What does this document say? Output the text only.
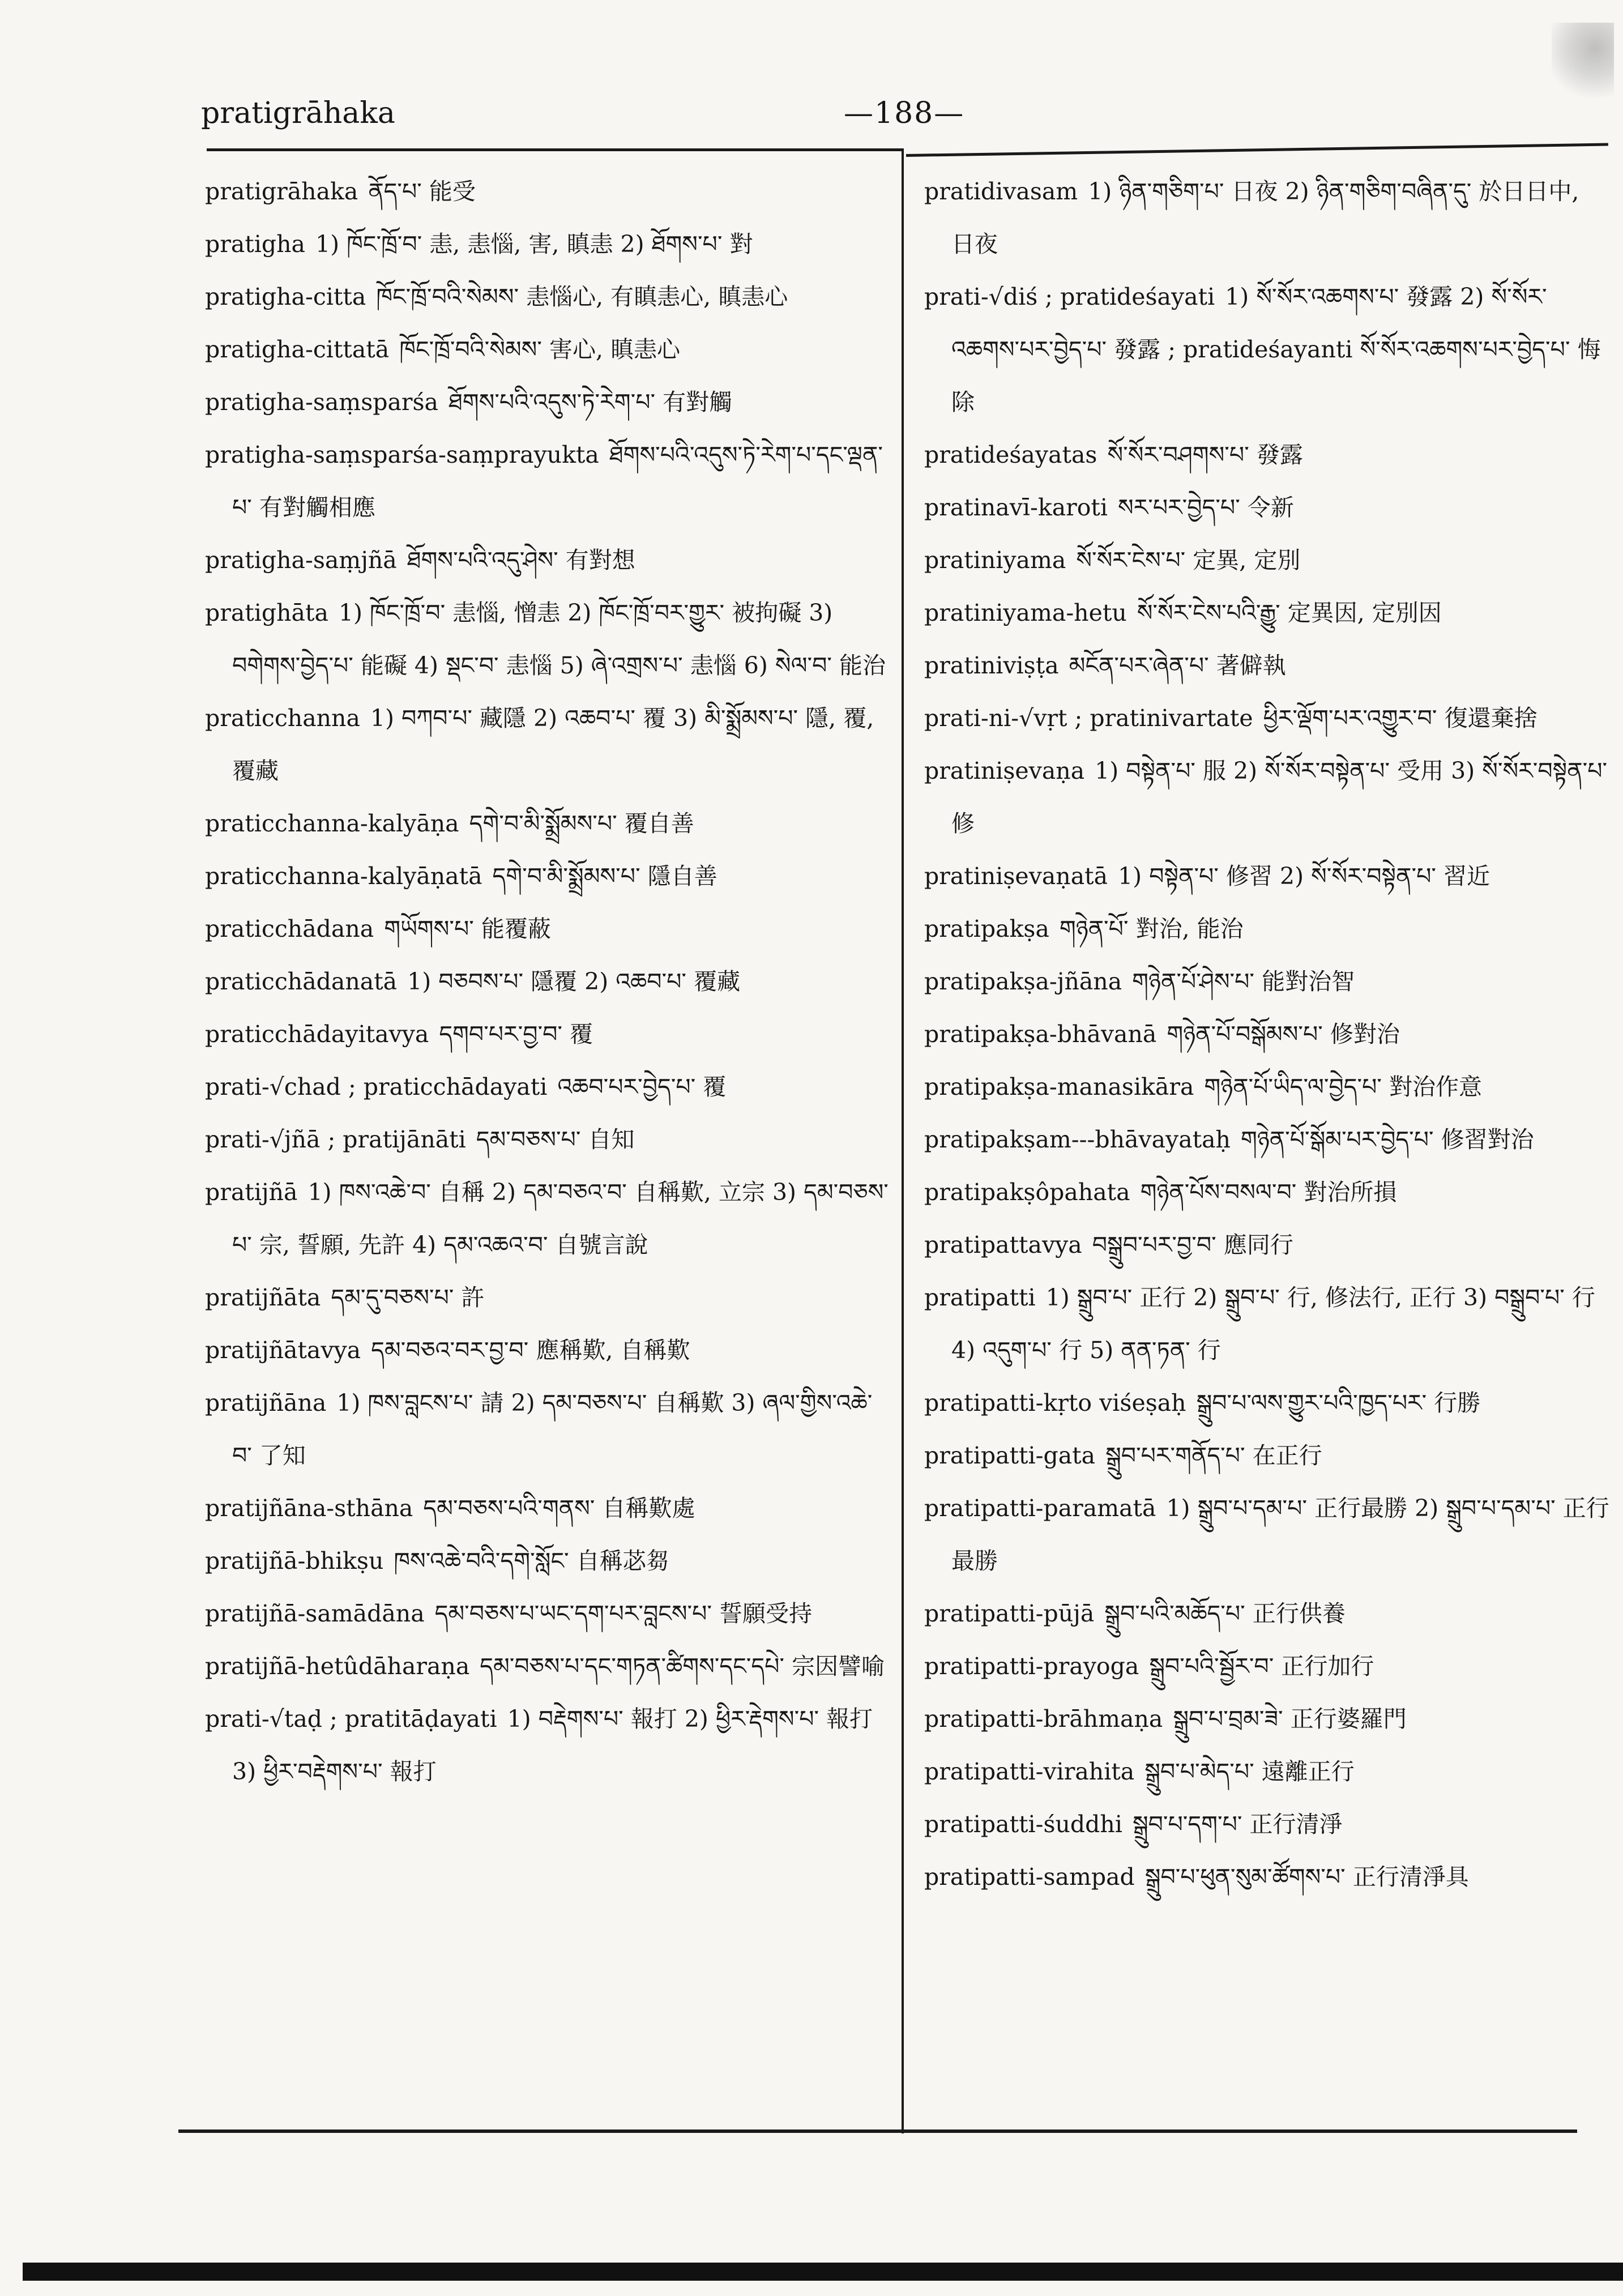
pratigrāhaka	—188—
pratigrāhaka ནོད་པ་ 能受
pratigha 1) ཁོང་ཁྲོ་བ་ 恚, 恚惱, 害, 瞋恚 2) ཐོགས་པ་ 對
pratigha-citta ཁོང་ཁྲོ་བའི་སེམས་ 恚惱心, 有瞋恚心, 瞋恚心
pratigha-cittatā ཁོང་ཁྲོ་བའི་སེམས་ 害心, 瞋恚心
pratigha-saṃsparśa ཐོགས་པའི་འདུས་ཏེ་རེག་པ་ 有對觸
pratigha-saṃsparśa-saṃprayukta ཐོགས་པའི་འདུས་ཏེ་རེག་པ་དང་ལྡན་པ་ 有對觸相應
pratigha-saṃjñā ཐོགས་པའི་འདུ་ཤེས་ 有對想
pratighāta 1) ཁོང་ཁྲོ་བ་ 恚惱, 憎恚 2) ཁོང་ཁྲོ་བར་གྱུར་ 被拘礙 3) བགེགས་བྱེད་པ་ 能礙 4) སྡང་བ་ 恚惱 5) ཞེ་འགྲས་པ་ 恚惱 6) སེལ་བ་ 能治
praticchanna 1) བཀབ་པ་ 藏隱 2) འཆབ་པ་ 覆 3) མི་སྨྲོམས་པ་ 隱, 覆, 覆藏
praticchanna-kalyāṇa དགེ་བ་མི་སྨྲོམས་པ་ 覆自善
praticchanna-kalyāṇatā དགེ་བ་མི་སྨྲོམས་པ་ 隱自善
praticchādana གཡོགས་པ་ 能覆蔽
praticchādanatā 1) བཅབས་པ་ 隱覆 2) འཆབ་པ་ 覆藏
praticchādayitavya དགབ་པར་བྱ་བ་ 覆
prati-√chad ; praticchādayati འཆབ་པར་བྱེད་པ་ 覆
prati-√jñā ; pratijānāti དམ་བཅས་པ་ 自知
pratijñā 1) ཁས་འཆེ་བ་ 自稱 2) དམ་བཅའ་བ་ 自稱歎, 立宗 3) དམ་བཅས་པ་ 宗, 誓願, 先許 4) དམ་འཆའ་བ་ 自號言說
pratijñāta དམ་དུ་བཅས་པ་ 許
pratijñātavya དམ་བཅའ་བར་བྱ་བ་ 應稱歎, 自稱歎
pratijñāna 1) ཁས་བླངས་པ་ 請 2) དམ་བཅས་པ་ 自稱歎 3) ཞལ་གྱིས་འཆེ་བ་ 了知
pratijñāna-sthāna དམ་བཅས་པའི་གནས་ 自稱歎處
pratijñā-bhikṣu ཁས་འཆེ་བའི་དགེ་སློང་ 自稱苾芻
pratijñā-samādāna དམ་བཅས་པ་ཡང་དག་པར་བླངས་པ་ 誓願受持
pratijñā-hetûdāharaṇa དམ་བཅས་པ་དང་གཏན་ཚིགས་དང་དཔེ་ 宗因譬喻
prati-√taḍ ; pratitāḍayati 1) བརྡེགས་པ་ 報打 2) ཕྱིར་རྡེགས་པ་ 報打 3) ཕྱིར་བརྡེགས་པ་ 報打
pratidivasam 1) ཉིན་གཅིག་པ་ 日夜 2) ཉིན་གཅིག་བཞིན་དུ་ 於日日中, 日夜
prati-√diś ; pratideśayati 1) སོ་སོར་འཆགས་པ་ 發露 2) སོ་སོར་འཆགས་པར་བྱེད་པ་ 發露 ; pratideśayanti སོ་སོར་འཆགས་པར་བྱེད་པ་ 悔除
pratideśayatas སོ་སོར་བཤགས་པ་ 發露
pratinavī-karoti སར་པར་བྱེད་པ་ 令新
pratiniyama སོ་སོར་ངེས་པ་ 定異, 定別
pratiniyama-hetu སོ་སོར་ངེས་པའི་རྒྱུ་ 定異因, 定別因
pratiniviṣṭa མངོན་པར་ཞེན་པ་ 著僻執
prati-ni-√vṛt ; pratinivartate ཕྱིར་ལྡོག་པར་འགྱུར་བ་ 復還棄捨
pratiniṣevaṇa 1) བསྟེན་པ་ 服 2) སོ་སོར་བསྟེན་པ་ 受用 3) སོ་སོར་བསྟེན་པ་ 修
pratiniṣevaṇatā 1) བསྟེན་པ་ 修習 2) སོ་སོར་བསྟེན་པ་ 習近
pratipakṣa གཉེན་པོ་ 對治, 能治
pratipakṣa-jñāna གཉེན་པོ་ཤེས་པ་ 能對治智
pratipakṣa-bhāvanā གཉེན་པོ་བསྒོམས་པ་ 修對治
pratipakṣa-manasikāra གཉེན་པོ་ཡིད་ལ་བྱེད་པ་ 對治作意
pratipakṣam---bhāvayataḥ གཉེན་པོ་སྒོམ་པར་བྱེད་པ་ 修習對治
pratipakṣôpahata གཉེན་པོས་བསལ་བ་ 對治所損
pratipattavya བསྒྲུབ་པར་བྱ་བ་ 應同行
pratipatti 1) སྒྲུབ་པ་ 正行 2) སྒྲུབ་པ་ 行, 修法行, 正行 3) བསྒྲུབ་པ་ 行 4) འདུག་པ་ 行 5) ནན་ཏན་ 行
pratipatti-kṛto viśeṣaḥ སྒྲུབ་པ་ལས་གྱུར་པའི་ཁྱད་པར་ 行勝
pratipatti-gata སྒྲུབ་པར་གནོད་པ་ 在正行
pratipatti-paramatā 1) སྒྲུབ་པ་དམ་པ་ 正行最勝 2) སྒྲུབ་པ་དམ་པ་ 正行最勝
pratipatti-pūjā སྒྲུབ་པའི་མཆོད་པ་ 正行供養
pratipatti-prayoga སྒྲུབ་པའི་སྦྱོར་བ་ 正行加行
pratipatti-brāhmaṇa སྒྲུབ་པ་བྲམ་ཟེ་ 正行婆羅門
pratipatti-virahita སྒྲུབ་པ་མེད་པ་ 遠離正行
pratipatti-śuddhi སྒྲུབ་པ་དག་པ་ 正行清淨
pratipatti-sampad སྒྲུབ་པ་ཕུན་སུམ་ཚོགས་པ་ 正行清淨具
